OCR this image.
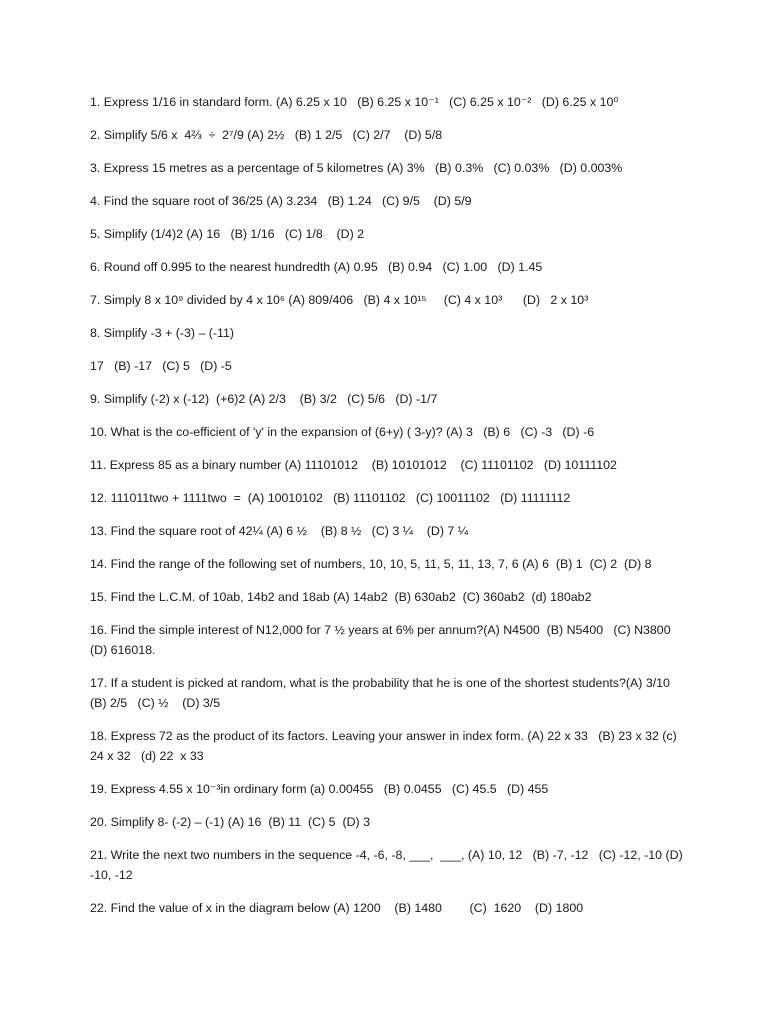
1. Express 1/16 in standard form. (A) 6.25 x 10   (B) 6.25 x 10⁻¹   (C) 6.25 x 10⁻²   (D) 6.25 x 10⁰
2. Simplify 5/6 x  4⅔  ÷  2⁷/9 (A) 2½   (B) 1 2/5   (C) 2/7    (D) 5/8
3. Express 15 metres as a percentage of 5 kilometres (A) 3%   (B) 0.3%   (C) 0.03%   (D) 0.003%
4. Find the square root of 36/25 (A) 3.234   (B) 1.24   (C) 9/5    (D) 5/9
5. Simplify (1/4)2 (A) 16   (B) 1/16   (C) 1/8    (D) 2
6. Round off 0.995 to the nearest hundredth (A) 0.95   (B) 0.94   (C) 1.00   (D) 1.45
7. Simply 8 x 10⁹ divided by 4 x 10⁶ (A) 809/406   (B) 4 x 10¹⁵     (C) 4 x 10³      (D)   2 x 10³
8. Simplify -3 + (-3) – (-11)
17   (B) -17   (C) 5   (D) -5
9. Simplify (-2) x (-12)  (+6)2 (A) 2/3    (B) 3/2   (C) 5/6   (D) -1/7
10. What is the co-efficient of 'y' in the expansion of (6+y) ( 3-y)? (A) 3   (B) 6   (C) -3   (D) -6
11. Express 85 as a binary number (A) 11101012    (B) 10101012    (C) 11101102   (D) 10111102
12. 111011two + 1111two  =  (A) 10010102   (B) 11101102   (C) 10011102   (D) 11111112
13. Find the square root of 42¼ (A) 6 ½    (B) 8 ½   (C) 3 ¼    (D) 7 ¼
14. Find the range of the following set of numbers, 10, 10, 5, 11, 5, 11, 13, 7, 6 (A) 6  (B) 1  (C) 2  (D) 8
15. Find the L.C.M. of 10ab, 14b2 and 18ab (A) 14ab2  (B) 630ab2  (C) 360ab2  (d) 180ab2
16. Find the simple interest of N12,000 for 7 ½ years at 6% per annum?(A) N4500  (B) N5400   (C) N3800 (D) 616018.
17. If a student is picked at random, what is the probability that he is one of the shortest students?(A) 3/10   (B) 2/5   (C) ½    (D) 3/5
18. Express 72 as the product of its factors. Leaving your answer in index form. (A) 22 x 33   (B) 23 x 32 (c) 24 x 32   (d) 22  x 33
19. Express 4.55 x 10⁻³in ordinary form (a) 0.00455   (B) 0.0455   (C) 45.5   (D) 455
20. Simplify 8- (-2) – (-1) (A) 16  (B) 11  (C) 5  (D) 3
21. Write the next two numbers in the sequence -4, -6, -8, ___,  ___, (A) 10, 12   (B) -7, -12   (C) -12, -10 (D) -10, -12
22. Find the value of x in the diagram below (A) 1200    (B) 1480        (C)  1620    (D) 1800
